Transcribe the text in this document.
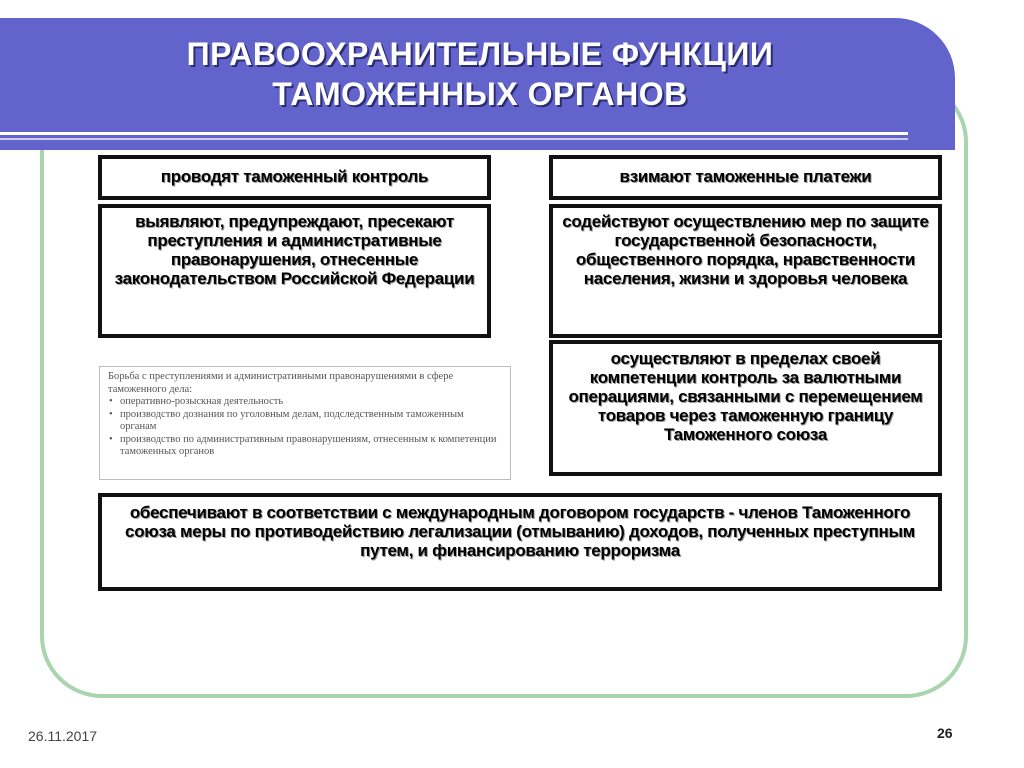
ПРАВООХРАНИТЕЛЬНЫЕ ФУНКЦИИ ТАМОЖЕННЫХ ОРГАНОВ
проводят таможенный контроль	взимают таможенные платежи
выявляют, предупреждают, пресекают преступления и административные правонарушения, отнесенные законодательством Российской Федерации
содействуют осуществлению мер по защите государственной безопасности, общественного порядка, нравственности населения, жизни и здоровья человека
осуществляют в пределах своей компетенции контроль за валютными операциями, связанными с перемещением товаров через таможенную границу Таможенного союза
обеспечивают в соответствии с международным договором государств - членов Таможенного союза меры по противодействию легализации (отмыванию) доходов, полученных преступным путем, и финансированию терроризма
Борьба с преступлениями и административными правонарушениями в сфере таможенного дела:
• оперативно-розыскная деятельность
• производство дознания по уголовным делам, подследственным таможенным органам
• производство по административным правонарушениям, отнесенным к компетенции таможенных органов
26.11.2017	26
